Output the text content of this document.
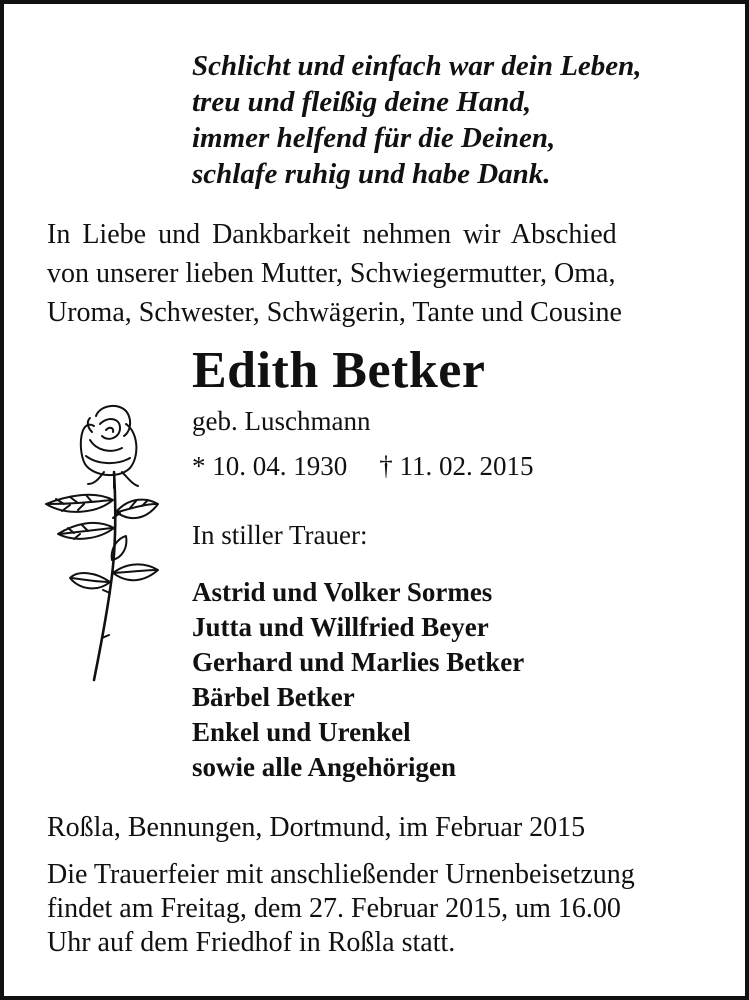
Schlicht und einfach war dein Leben,
treu und fleißig deine Hand,
immer helfend für die Deinen,
schlafe ruhig und habe Dank.
In Liebe und Dankbarkeit nehmen wir Abschied
von unserer lieben Mutter, Schwiegermutter, Oma,
Uroma, Schwester, Schwägerin, Tante und Cousine
Edith Betker
geb. Luschmann
* 10. 04. 1930 † 11. 02. 2015
In stiller Trauer:
Astrid und Volker Sormes
Jutta und Willfried Beyer
Gerhard und Marlies Betker
Bärbel Betker
Enkel und Urenkel
sowie alle Angehörigen
Roßla, Bennungen, Dortmund, im Februar 2015
Die Trauerfeier mit anschließender Urnenbeisetzung
findet am Freitag, dem 27. Februar 2015, um 16.00
Uhr auf dem Friedhof in Roßla statt.
